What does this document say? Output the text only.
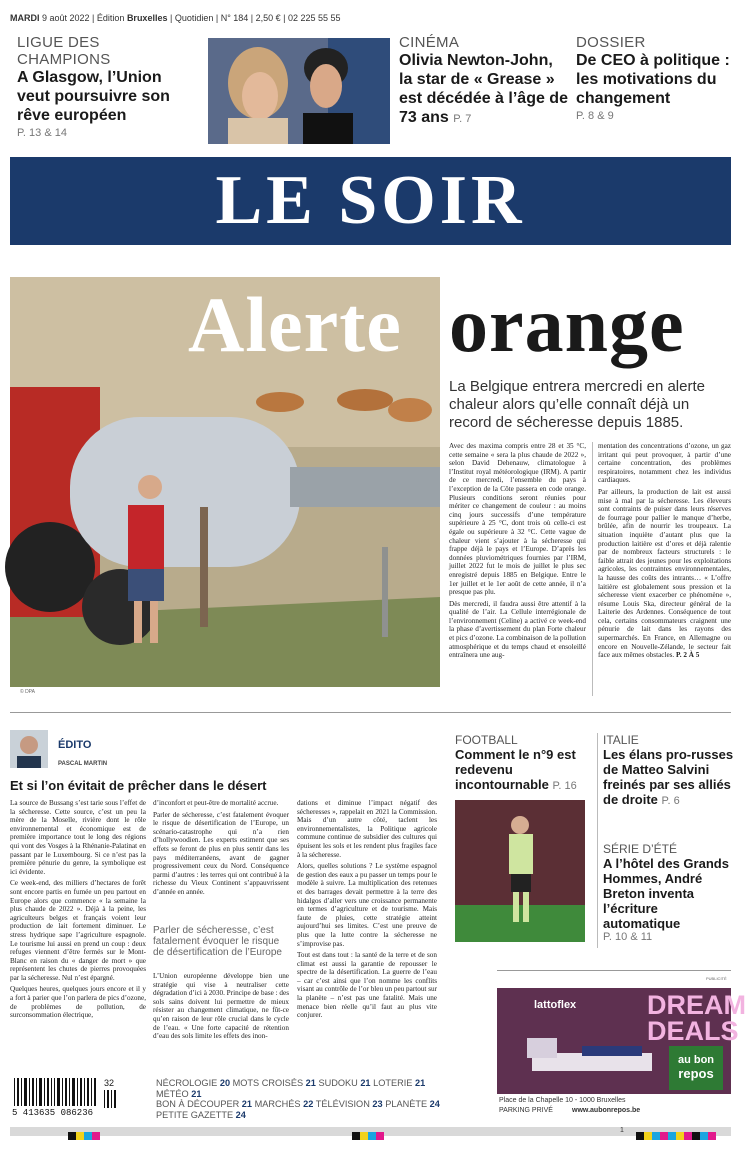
MARDI 9 août 2022 | Édition Bruxelles | Quotidien | N° 184 | 2,50 € | 02 225 55 55
LIGUE DES CHAMPIONS
A Glasgow, l’Union veut poursuivre son rêve européen
P. 13 & 14
CINÉMA
Olivia Newton-John, la star de « Grease » est décédée à l’âge de 73 ans P. 7
DOSSIER
De CEO à politique : les motivations du changement
P. 8 & 9
LE SOIR
© DPA
Alerte orange
La Belgique entrera mercredi en alerte chaleur alors qu’elle connaît déjà un record de sécheresse depuis 1885.

Avec des maxima compris entre 28 et 35 °C, cette semaine « sera la plus chaude de 2022 », selon David Dehenauw, climatologue à l’Institut royal météorologique (IRM). A partir de ce mercredi, l’ensemble du pays à l’exception de la Côte passera en code orange. Plusieurs conditions seront réunies pour mériter ce changement de couleur : au moins cinq jours successifs d’une température supérieure à 25 °C, dont trois où celle-ci est égale ou supérieure à 32 °C. Cette vague de chaleur vient s’ajouter à la sécheresse qui frappe déjà le pays et l’Europe. D’après les données pluviométriques fournies par l’IRM, juillet 2022 fut le mois de juillet le plus sec enregistré depuis 1885 en Belgique. Entre le 1er juillet et le 1er août de cette année, il n’a presque pas plu.

Dès mercredi, il faudra aussi être attentif à la qualité de l’air. La Cellule interrégionale de l’environnement (Celine) a activé ce week-end la phase d’avertissement du plan Forte chaleur et pics d’ozone. La combinaison de la pollution atmosphérique et du temps chaud et ensoleillé entraînera une aug-

mentation des concentrations d’ozone, un gaz irritant qui peut provoquer, à partir d’une certaine concentration, des problèmes respiratoires, notamment chez les individus cardiaques.

Par ailleurs, la production de lait est aussi mise à mal par la sécheresse. Les éleveurs sont contraints de puiser dans leurs réserves de fourrage pour pallier le manque d’herbe, brûlée, afin de nourrir les troupeaux. La situation inquiète d’autant plus que la production laitière est d’ores et déjà ralentie par de nombreux facteurs structurels : le faible attrait des jeunes pour les exploitations agricoles, les contraintes environnementales, la hausse des coûts des intrants… « L’offre laitière est globalement sous pression et la sécheresse vient exacerber ce phénomène », résume Louis Ska, directeur général de la Laiterie des Ardennes. Conséquence de tout cela, certains consommateurs craignent une pénurie de lait dans les rayons des supermarchés. En France, en Allemagne ou encore en Nouvelle-Zélande, le secteur fait face aux mêmes obstacles. P. 2 À 5

ÉDITO
PASCAL MARTIN
Et si l’on évitait de prêcher dans le désert

La source de Bussang s’est tarie sous l’effet de la sécheresse. Cette source, c’est un peu la mère de la Moselle, rivière dont le rôle environnemental et économique est de première importance tout le long des régions qui vont des Vosges à la Rhénanie-Palatinat en passant par le Luxembourg. Si ce n’est pas la première pénurie du genre, la symbolique est ici évidente.

Ce week-end, des milliers d’hectares de forêt sont encore partis en fumée un peu partout en Europe alors que commence « la semaine la plus chaude de 2022 ». Déjà à la peine, les agriculteurs belges et français voient leur production de lait fortement diminuer. Le stress hydrique sape l’agriculture espagnole. Le tourisme lui aussi en prend un coup : deux refuges viennent d’être fermés sur le Mont-Blanc en raison du « danger de mort » que représentent les chutes de pierres provoquées par la sécheresse. Nul n’est épargné.

Quelques heures, quelques jours encore et il y a fort à parier que l’on parlera de pics d’ozone, de problèmes de pollution, de surconsommation électrique,

d’inconfort et peut-être de mortalité accrue.

Parler de sécheresse, c’est fatalement évoquer le risque de désertification de l’Europe, un scénario-catastrophe qui n’a rien d’hollywoodien. Les experts estiment que ses effets se feront de plus en plus sentir dans les pays méditerranéens, avant de gagner progressivement ceux du Nord. Conséquence parmi d’autres : les terres qui ont contribué à la richesse du Vieux Continent s’appauvrissent d’année en année.

Parler de sécheresse, c’est fatalement évoquer le risque de désertification de l’Europe

L’Union européenne développe bien une stratégie qui vise à neutraliser cette dégradation d’ici à 2030. Principe de base : des sols sains doivent lui permettre de mieux résister au changement climatique, ne fût-ce qu’en raison de leur rôle crucial dans le cycle de l’eau. « Une forte capacité de rétention d’eau des sols limite les effets des inon-

dations et diminue l’impact négatif des sécheresses », rappelait en 2021 la Commission. Mais d’un autre côté, taclent les environnementalistes, la Politique agricole commune continue de subsidier des cultures qui épuisent les sols et les rendent plus fragiles face à la sécheresse.

Alors, quelles solutions ? Le système espagnol de gestion des eaux a pu passer un temps pour le modèle à suivre. La multiplication des retenues et des barrages devait permettre à la terre des hidalgos d’aller vers une croissance permanente en termes d’agriculture et de tourisme. Mais faute de pluies, cette stratégie atteint aujourd’hui ses limites. C’est une preuve de plus que la lutte contre la sécheresse ne s’improvise pas.

Tout est dans tout : la santé de la terre et de son climat est aussi la garantie de repousser le spectre de la désertification. La guerre de l’eau – car c’est ainsi que l’on nomme les conflits visant au contrôle de l’or bleu un peu partout sur la planète – n’est pas une fatalité. Mais une menace bien réelle qu’il faut au plus vite conjurer.

FOOTBALL
Comment le n°9 est redevenu incontournable P. 16
ITALIE
Les élans pro-russes de Matteo Salvini freinés par ses alliés de droite P. 6
SÉRIE D’ÉTÉ
A l’hôtel des Grands Hommes, André Breton inventa l’écriture automatique
P. 10 & 11
PUBLICITÉ
lattoflex	DREAM
DEALS
au bon
repos
Place de la Chapelle 10 - 1000 Bruxelles
PARKING PRIVÉ	www.aubonrepos.be
5 413635 086236
32	NÉCROLOGIE 20 MOTS CROISÉS 21 SUDOKU 21 LOTERIE 21 MÉTÉO 21
BON À DÉCOUPER 21 MARCHÉS 22 TÉLÉVISION 23 PLANÈTE 24
PETITE GAZETTE 24
1
